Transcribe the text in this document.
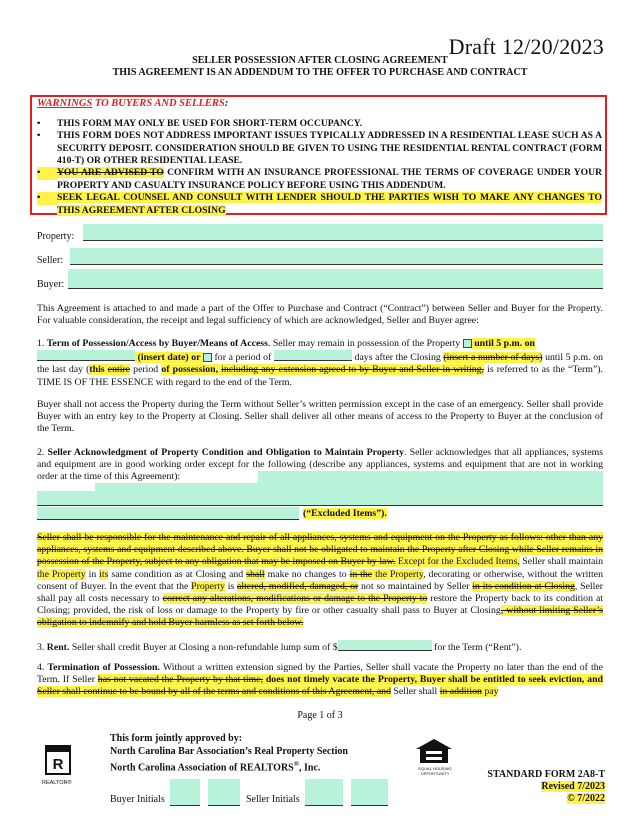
Draft 12/20/2023
SELLER POSSESSION AFTER CLOSING AGREEMENT
THIS AGREEMENT IS AN ADDENDUM TO THE OFFER TO PURCHASE AND CONTRACT
WARNINGS TO BUYERS AND SELLERS:
• THIS FORM MAY ONLY BE USED FOR SHORT-TERM OCCUPANCY.
• THIS FORM DOES NOT ADDRESS IMPORTANT ISSUES TYPICALLY ADDRESSED IN A RESIDENTIAL LEASE SUCH AS A SECURITY DEPOSIT. CONSIDERATION SHOULD BE GIVEN TO USING THE RESIDENTIAL RENTAL CONTRACT (FORM 410-T) OR OTHER RESIDENTIAL LEASE.
• YOU ARE ADVISED TO CONFIRM WITH AN INSURANCE PROFESSIONAL THE TERMS OF COVERAGE UNDER YOUR PROPERTY AND CASUALTY INSURANCE POLICY BEFORE USING THIS ADDENDUM.
• SEEK LEGAL COUNSEL AND CONSULT WITH LENDER SHOULD THE PARTIES WISH TO MAKE ANY CHANGES TO THIS AGREEMENT AFTER CLOSING
Property:
Seller:
Buyer:
This Agreement is attached to and made a part of the Offer to Purchase and Contract (“Contract”) between Seller and Buyer for the Property. For valuable consideration, the receipt and legal sufficiency of which are acknowledged, Seller and Buyer agree:
1. Term of Possession/Access by Buyer/Means of Access. Seller may remain in possession of the Property  until 5 p.m. on
(insert date) or  for a period of	days after the Closing (insert a number of days) until 5 p.m. on the last day (this entire period of possession, including any extension agreed to by Buyer and Seller in writing, is referred to as the “Term”). TIME IS OF THE ESSENCE with regard to the end of the Term.
Buyer shall not access the Property during the Term without Seller’s written permission except in the case of an emergency. Seller shall provide Buyer with an entry key to the Property at Closing. Seller shall deliver all other means of access to the Property to Buyer at the conclusion of the Term.
2. Seller Acknowledgment of Property Condition and Obligation to Maintain Property. Seller acknowledges that all appliances, systems and equipment are in good working order except for the following (describe any appliances, systems and equipment that are not in working order at the time of this Agreement):
(“Excluded Items”).
Seller shall be responsible for the maintenance and repair of all appliances, systems and equipment on the Property as follows: other than any appliances, systems and equipment described above. Buyer shall not be obligated to maintain the Property after Closing while Seller remains in possession of the Property, subject to any obligation that may be imposed on Buyer by law. Except for the Excluded Items, Seller shall maintain the Property in its same condition as at Closing and shall make no changes to in the the Property, decorating or otherwise, without the written consent of Buyer. In the event that the Property is altered, modified, damaged, or not so maintained by Seller in its condition at Closing, Seller shall pay all costs necessary to correct any alterations, modifications or damage to the Property to restore the Property back to its condition at Closing; provided, the risk of loss or damage to the Property by fire or other casualty shall pass to Buyer at Closing, without limiting Seller’s obligation to indemnify and hold Buyer harmless as set forth below.
3. Rent. Seller shall credit Buyer at Closing a non-refundable lump sum of $	for the Term (“Rent”).
4. Termination of Possession. Without a written extension signed by the Parties, Seller shall vacate the Property no later than the end of the Term. If Seller has not vacated the Property by that time, does not timely vacate the Property, Buyer shall be entitled to seek eviction, and Seller shall continue to be bound by all of the terms and conditions of this Agreement, and Seller shall in addition pay
Page 1 of 3
This form jointly approved by:
North Carolina Bar Association’s Real Property Section
North Carolina Association of REALTORS®, Inc.
R
REALTOR®
EQUAL HOUSING OPPORTUNITY
Buyer Initials	Seller Initials
STANDARD FORM 2A8-T
Revised 7/2023
© 7/2022
